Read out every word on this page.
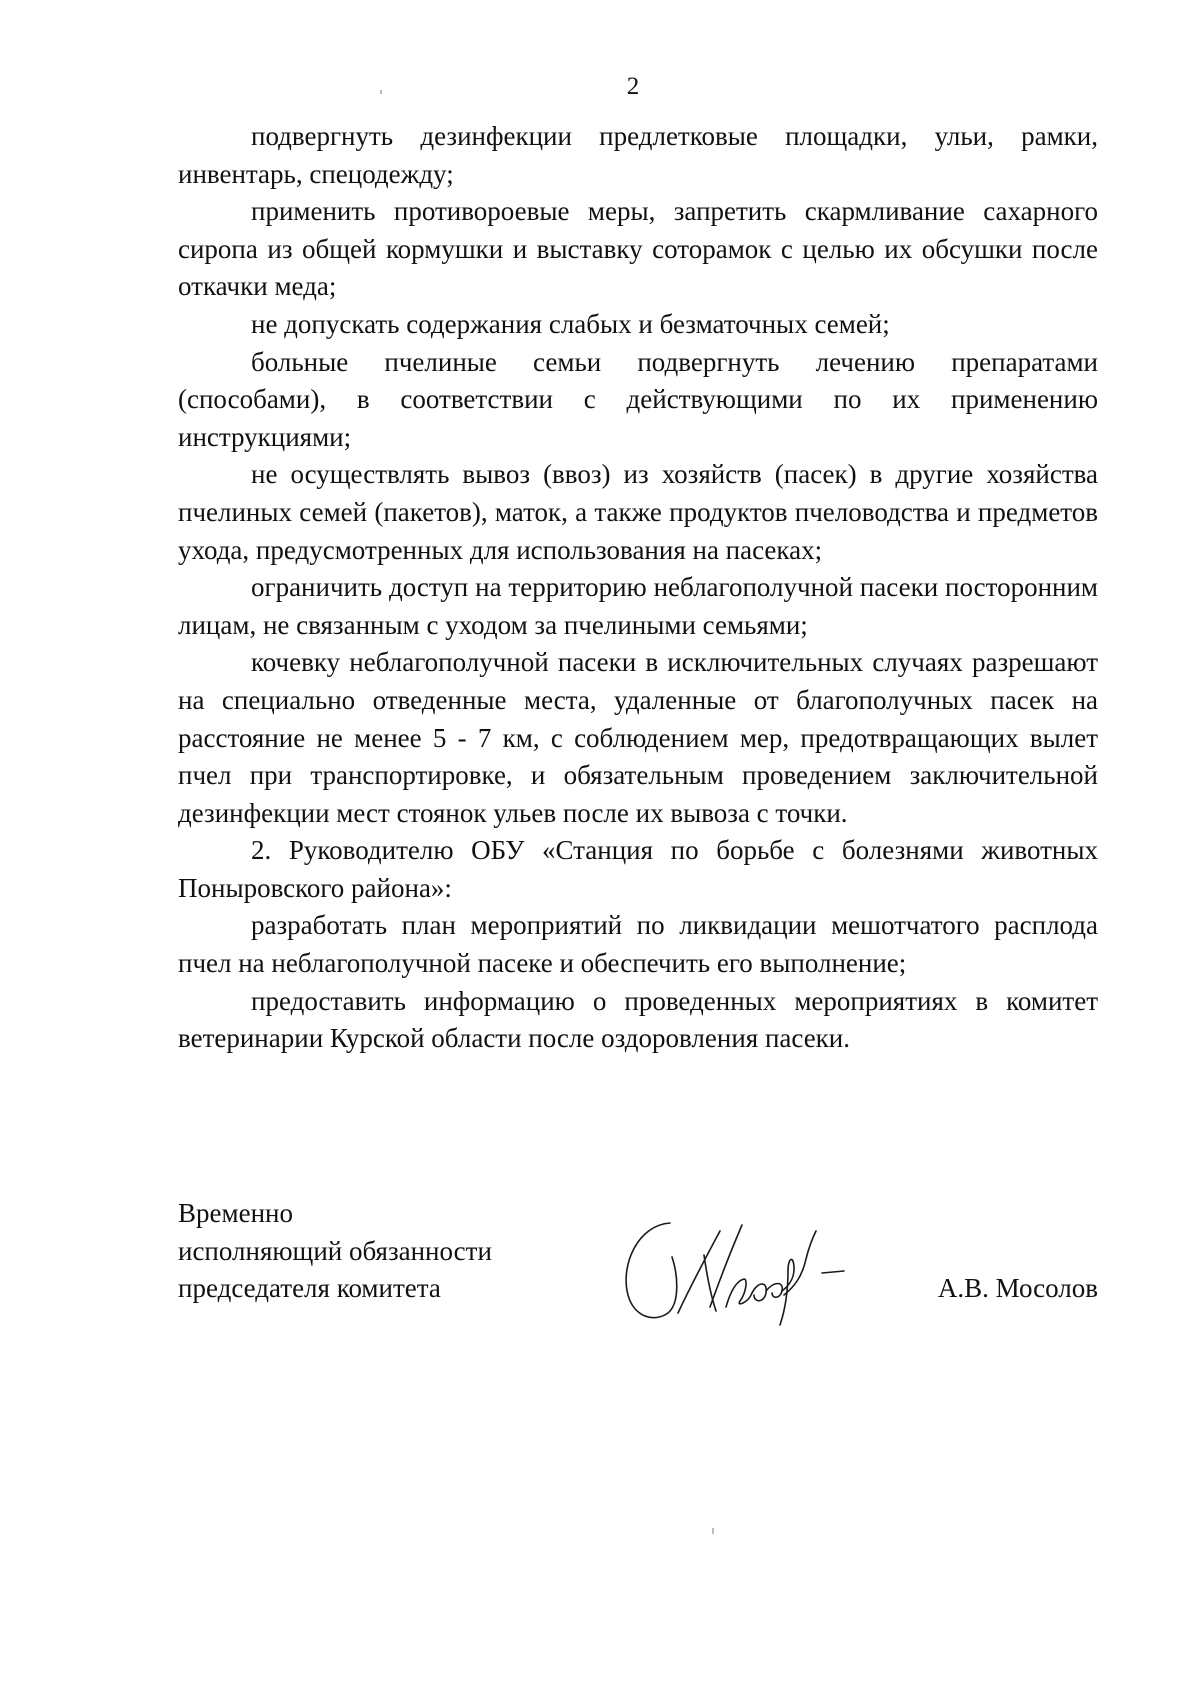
2

подвергнуть дезинфекции предлетковые площадки, ульи, рамки, инвентарь, спецодежду;

применить противороевые меры, запретить скармливание сахарного сиропа из общей кормушки и выставку соторамок с целью их обсушки после откачки меда;

не допускать содержания слабых и безматочных семей;

больные пчелиные семьи подвергнуть лечению препаратами (способами), в соответствии с действующими по их применению инструкциями;

не осуществлять вывоз (ввоз) из хозяйств (пасек) в другие хозяйства пчелиных семей (пакетов), маток, а также продуктов пчеловодства и предметов ухода, предусмотренных для использования на пасеках;

ограничить доступ на территорию неблагополучной пасеки посторонним лицам, не связанным с уходом за пчелиными семьями;

кочевку неблагополучной пасеки в исключительных случаях разрешают на специально отведенные места, удаленные от благополучных пасек на расстояние не менее 5 - 7 км, с соблюдением мер, предотвращающих вылет пчел при транспортировке, и обязательным проведением заключительной дезинфекции мест стоянок ульев после их вывоза с точки.

2. Руководителю ОБУ «Станция по борьбе с болезнями животных Поныровского района»:

разработать план мероприятий по ликвидации мешотчатого расплода пчел на неблагополучной пасеке и обеспечить его выполнение;

предоставить информацию о проведенных мероприятиях в комитет ветеринарии Курской области после оздоровления пасеки.

Временно
исполняющий обязанности
председателя комитета	А.В. Мосолов
